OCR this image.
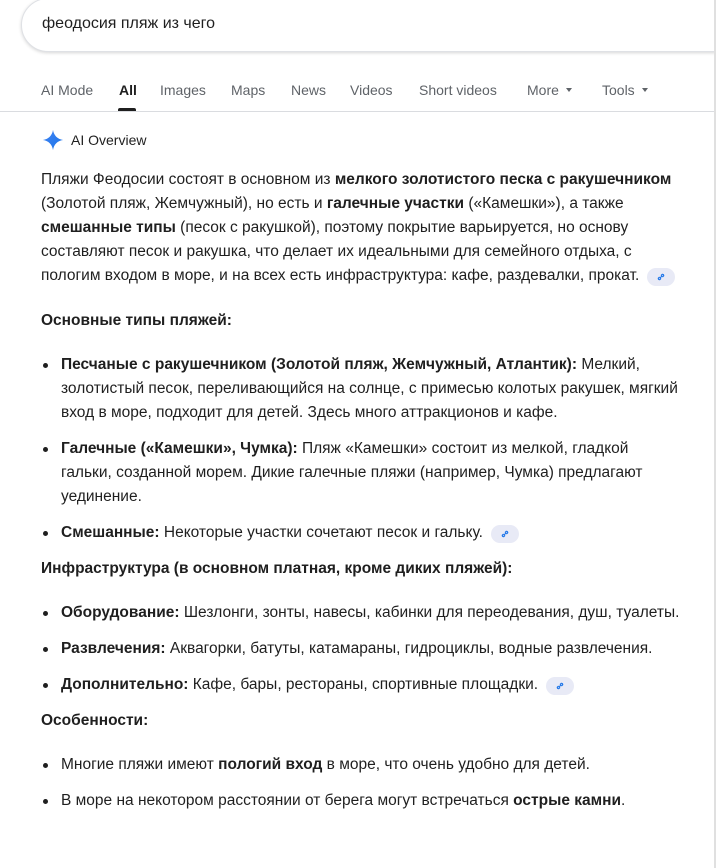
феодосия пляж из чего
AI Mode All Images Maps News Videos Short videos More	Tools
AI Overview

Пляжи Феодосии состоят в основном из мелкого золотистого песка с ракушечником (Золотой пляж, Жемчужный), но есть и галечные участки («Камешки»), а также смешанные типы (песок с ракушкой), поэтому покрытие варьируется, но основу составляют песок и ракушка, что делает их идеальными для семейного отдыха, с пологим входом в море, и на всех есть инфраструктура: кафе, раздевалки, прокат.

Основные типы пляжей:

Песчаные с ракушечником (Золотой пляж, Жемчужный, Атлантик): Мелкий, золотистый песок, переливающийся на солнце, с примесью колотых ракушек, мягкий вход в море, подходит для детей. Здесь много аттракционов и кафе.
Галечные («Камешки», Чумка): Пляж «Камешки» состоит из мелкой, гладкой гальки, созданной морем. Дикие галечные пляжи (например, Чумка) предлагают уединение.
Смешанные: Некоторые участки сочетают песок и гальку.

Инфраструктура (в основном платная, кроме диких пляжей):

Оборудование: Шезлонги, зонты, навесы, кабинки для переодевания, душ, туалеты.
Развлечения: Аквагорки, батуты, катамараны, гидроциклы, водные развлечения.
Дополнительно: Кафе, бары, рестораны, спортивные площадки.

Особенности:

Многие пляжи имеют пологий вход в море, что очень удобно для детей.
В море на некотором расстоянии от берега могут встречаться острые камни.
